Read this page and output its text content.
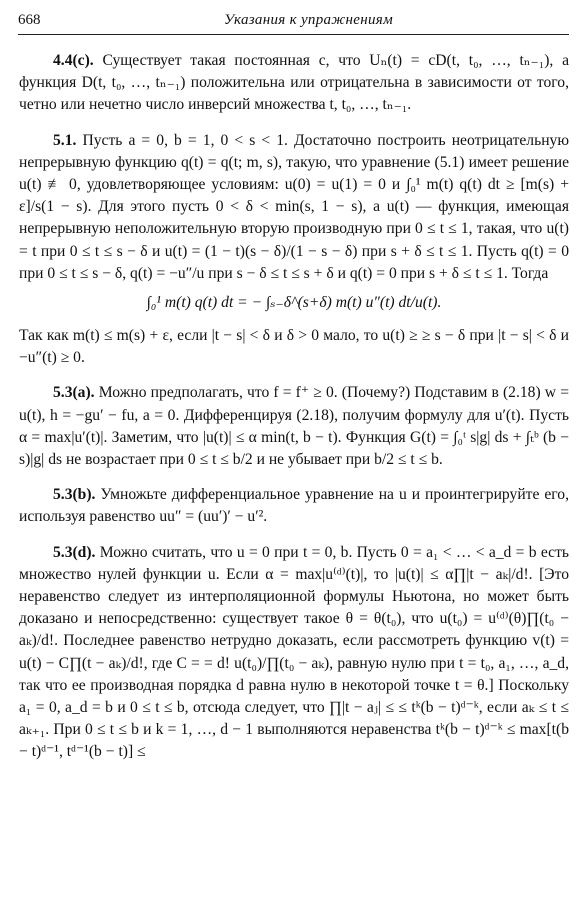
668	Указания к упражнениям

4.4(c). Существует такая постоянная c, что Uₙ(t) = cD(t, t₀, …, tₙ₋₁), а функция D(t, t₀, …, tₙ₋₁) положительна или отрицательна в зависимости от того, четно или нечетно число инверсий множества t, t₀, …, tₙ₋₁.

5.1. Пусть a = 0, b = 1, 0 < s < 1. Достаточно построить неотрицательную непрерывную функцию q(t) = q(t; m, s), такую, что уравнение (5.1) имеет решение u(t) ≢ 0, удовлетворяющее условиям: u(0) = u(1) = 0 и ∫₀¹ m(t) q(t) dt ≥ [m(s) + ε]/s(1 − s). Для этого пусть 0 < δ < min(s, 1 − s), а u(t) — функция, имеющая непрерывную неположительную вторую производную при 0 ≤ t ≤ 1, такая, что u(t) = t при 0 ≤ t ≤ s − δ и u(t) = (1 − t)(s − δ)/(1 − s − δ) при s + δ ≤ t ≤ 1. Пусть q(t) = 0 при 0 ≤ t ≤ s − δ, q(t) = −u″/u при s − δ ≤ t ≤ s + δ и q(t) = 0 при s + δ ≤ t ≤ 1. Тогда

∫₀¹ m(t) q(t) dt = − ∫ₛ₋δ^(s+δ) m(t) u″(t) dt/u(t).

Так как m(t) ≤ m(s) + ε, если |t − s| < δ и δ > 0 мало, то u(t) ≥ ≥ s − δ при |t − s| < δ и −u″(t) ≥ 0.

5.3(a). Можно предполагать, что f = f⁺ ≥ 0. (Почему?) Подставим в (2.18) w = u(t), h = −gu′ − fu, a = 0. Дифференцируя (2.18), получим формулу для u′(t). Пусть α = max|u′(t)|. Заметим, что |u(t)| ≤ α min(t, b − t). Функция G(t) = ∫₀ᵗ s|g| ds + ∫ₜᵇ (b − s)|g| ds не возрастает при 0 ≤ t ≤ b/2 и не убывает при b/2 ≤ t ≤ b.

5.3(b). Умножьте дифференциальное уравнение на u и проинтегрируйте его, используя равенство uu″ = (uu′)′ − u′².

5.3(d). Можно считать, что u = 0 при t = 0, b. Пусть 0 = a₁ < … < a_d = b есть множество нулей функции u. Если α = max|u⁽ᵈ⁾(t)|, то |u(t)| ≤ α∏|t − aₖ|/d!. [Это неравенство следует из интерполяционной формулы Ньютона, но может быть доказано и непосредственно: существует такое θ = θ(t₀), что u(t₀) = u⁽ᵈ⁾(θ)∏(t₀ − aₖ)/d!. Последнее равенство нетрудно доказать, если рассмотреть функцию v(t) = u(t) − C∏(t − aₖ)/d!, где C = = d! u(t₀)/∏(t₀ − aₖ), равную нулю при t = t₀, a₁, …, a_d, так что ее производная порядка d равна нулю в некоторой точке t = θ.] Поскольку a₁ = 0, a_d = b и 0 ≤ t ≤ b, отсюда следует, что ∏|t − aⱼ| ≤ ≤ tᵏ(b − t)ᵈ⁻ᵏ, если aₖ ≤ t ≤ aₖ₊₁. При 0 ≤ t ≤ b и k = 1, …, d − 1 выполняются неравенства tᵏ(b − t)ᵈ⁻ᵏ ≤ max[t(b − t)ᵈ⁻¹, tᵈ⁻¹(b − t)] ≤
